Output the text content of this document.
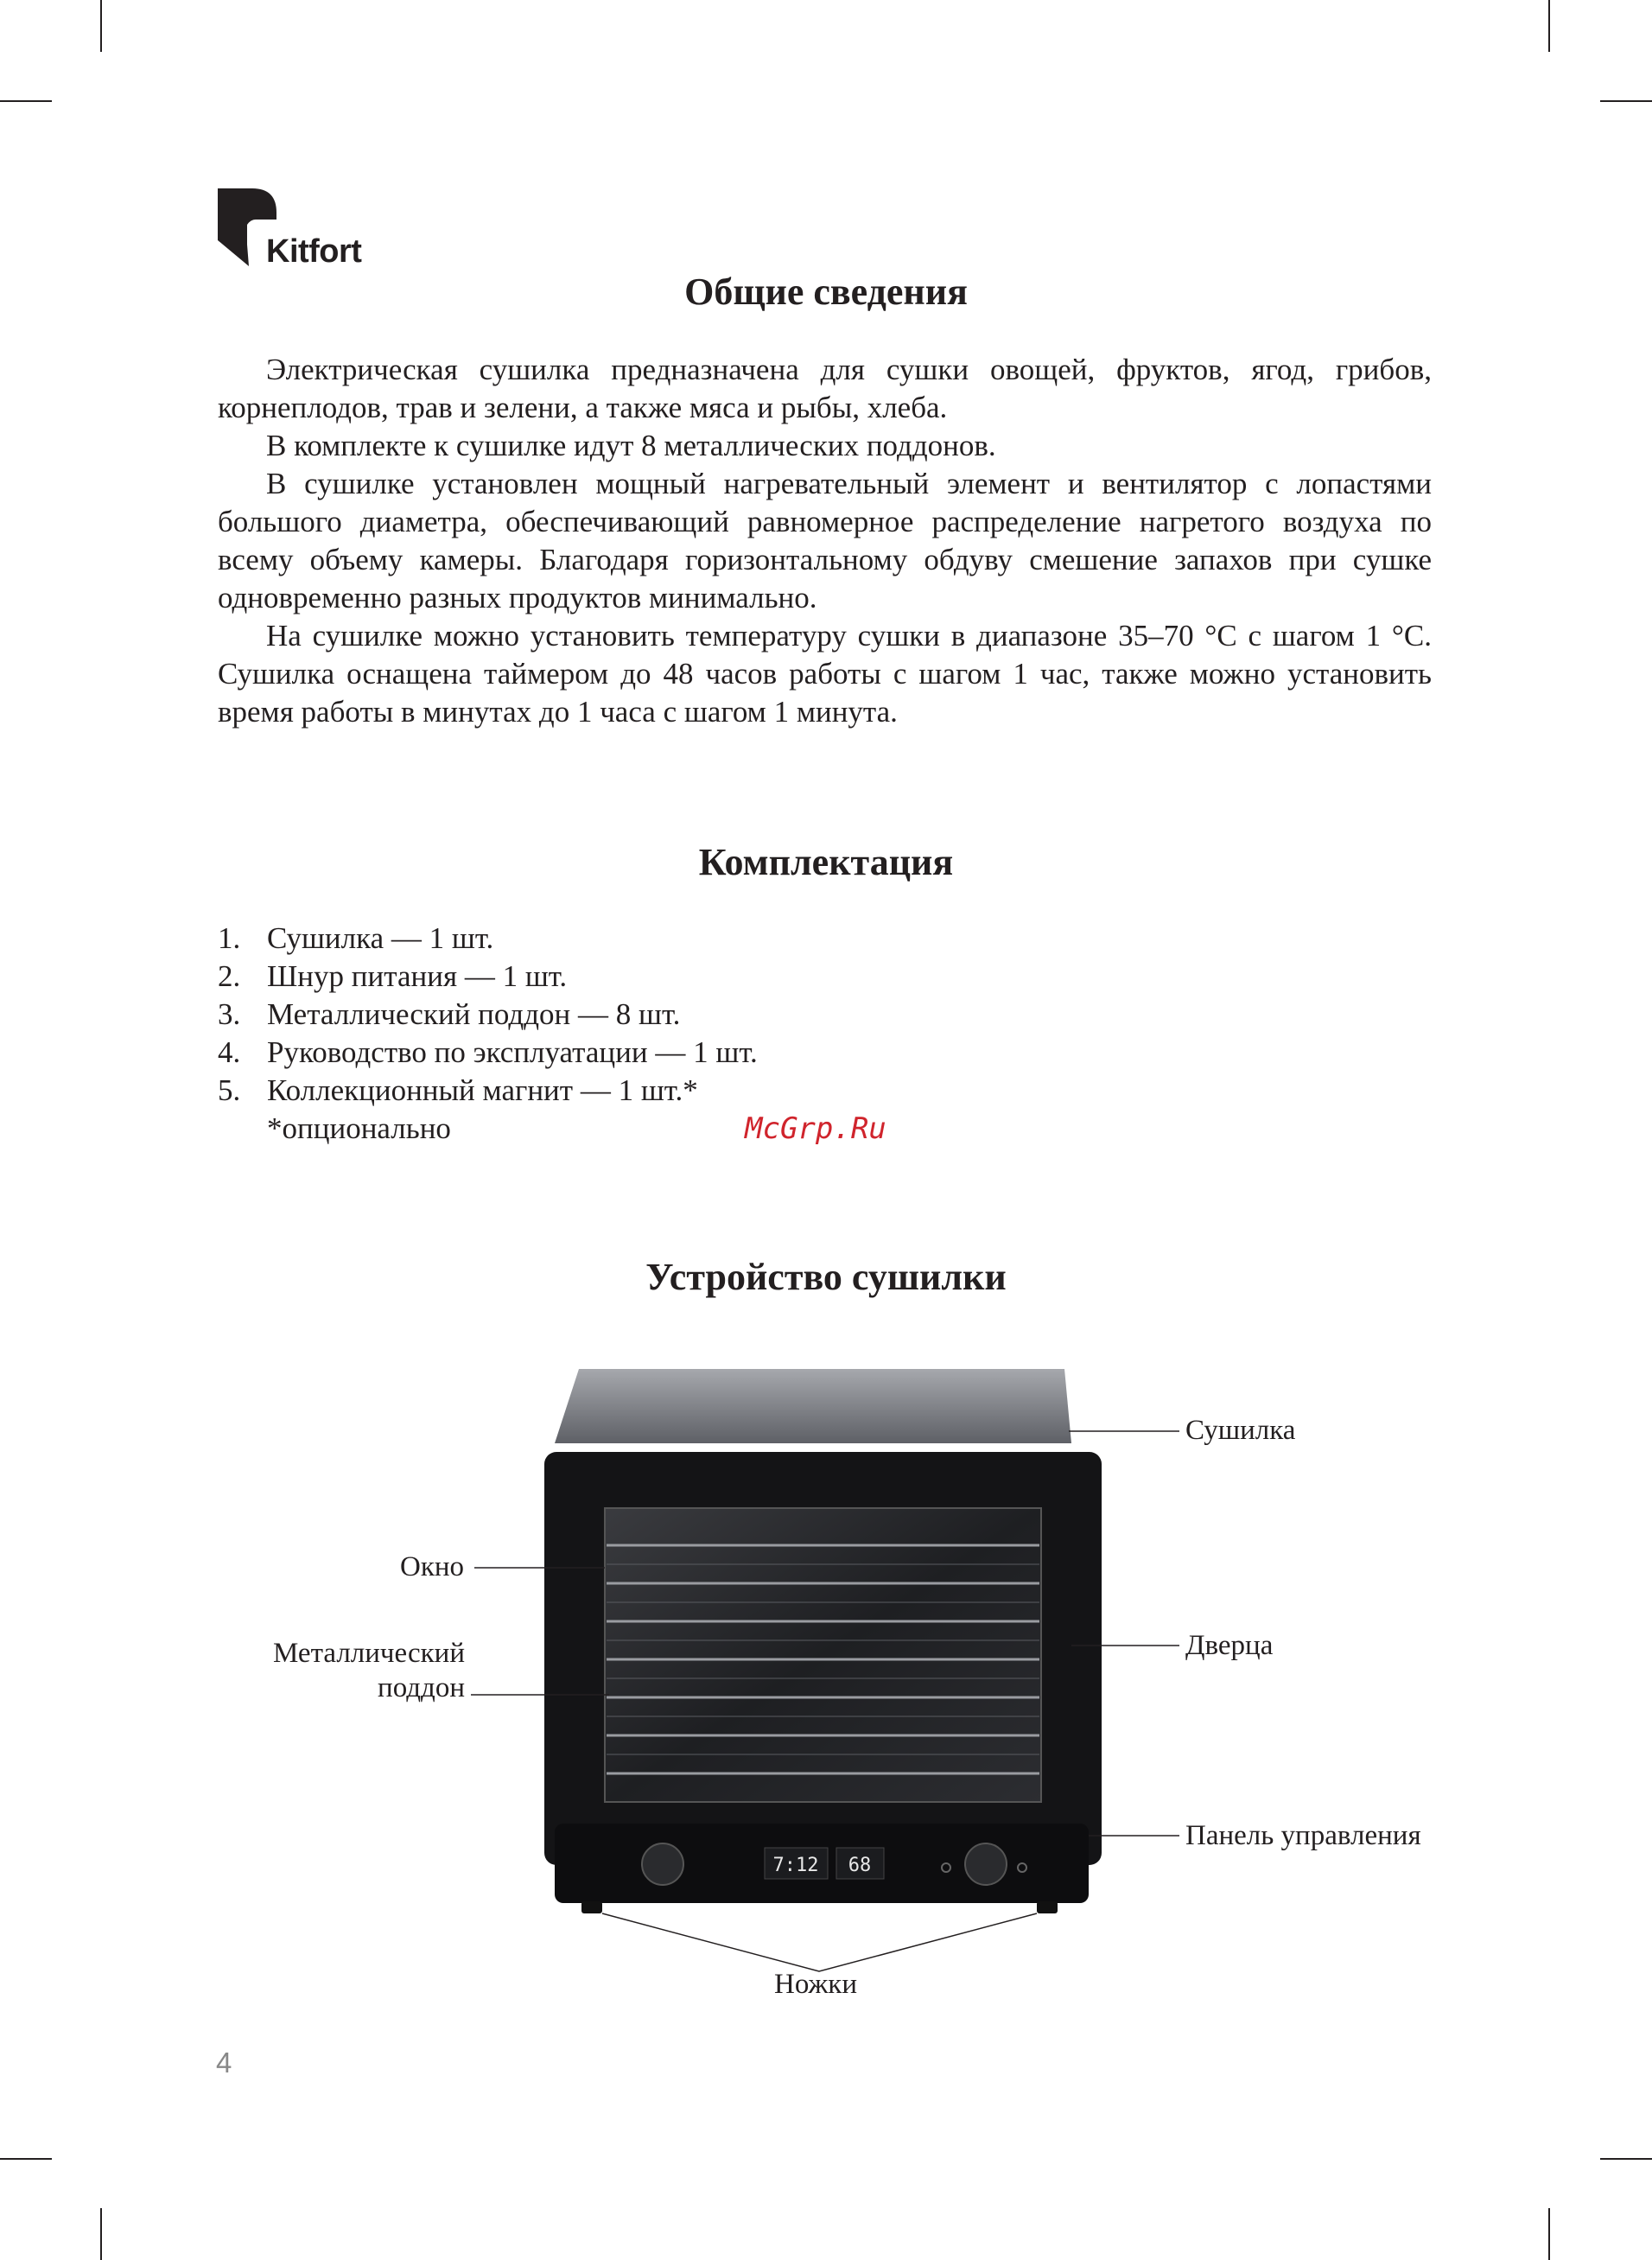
Kitfort
Общие сведения

Электрическая сушилка предназначена для сушки овощей, фруктов, ягод, грибов, корнеплодов, трав и зелени, а также мяса и рыбы, хлеба.

В комплекте к сушилке идут 8 металлических поддонов.

В сушилке установлен мощный нагревательный элемент и вентилятор с лопастями большого диаметра, обеспечивающий равномерное распределение нагретого воздуха по всему объему камеры. Благодаря горизонтальному обдуву смешение запахов при сушке одновременно разных продуктов минимально.

На сушилке можно установить температуру сушки в диапазоне 35–70 °C с шагом 1 °C. Сушилка оснащена таймером до 48 часов работы с шагом 1 час, также можно установить время работы в минутах до 1 часа с шагом 1 минута.

Комплектация
1. Сушилка — 1 шт.
2. Шнур питания — 1 шт.
3. Металлический поддон — 8 шт.
4. Руководство по эксплуатации — 1 шт.
5. Коллекционный магнит — 1 шт.*
*опционально	McGrp.Ru
Устройство сушилки
7:12 68
Сушилка
Окно
Металлический
поддон
Дверца
Панель управления
Ножки
4
